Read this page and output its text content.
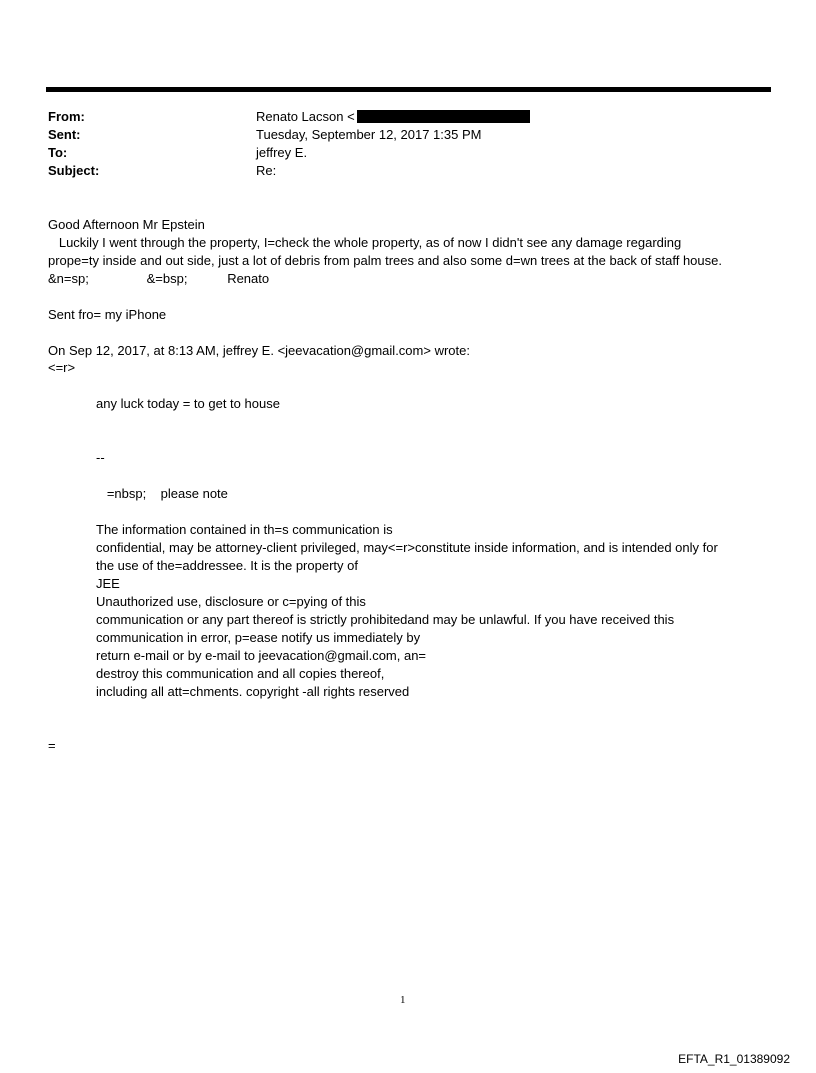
From:	Renato Lacson <
Sent:	Tuesday, September 12, 2017 1:35 PM
To:	jeffrey E.
Subject:	Re:
Good Afternoon Mr Epstein
Luckily I went through the property, I=check the whole property, as of now I didn't see any damage regarding
prope=ty inside and out side, just a lot of debris from palm trees and also some d=wn trees at the back of staff house.
&n=sp;                &=bsp;           Renato
Sent fro= my iPhone
On Sep 12, 2017, at 8:13 AM, jeffrey E. <jeevacation@gmail.com> wrote:
<=r>
any luck today = to get to house
--
=nbsp;    please note
The information contained in th=s communication is
confidential, may be attorney-client privileged, may<=r>constitute inside information, and is intended only for
the use of the=addressee. It is the property of
JEE
Unauthorized use, disclosure or c=pying of this
communication or any part thereof is strictly prohibitedand may be unlawful. If you have received this
communication in error, p=ease notify us immediately by
return e-mail or by e-mail to jeevacation@gmail.com, an=
destroy this communication and all copies thereof,
including all att=chments. copyright -all rights reserved
=
1
EFTA_R1_01389092
